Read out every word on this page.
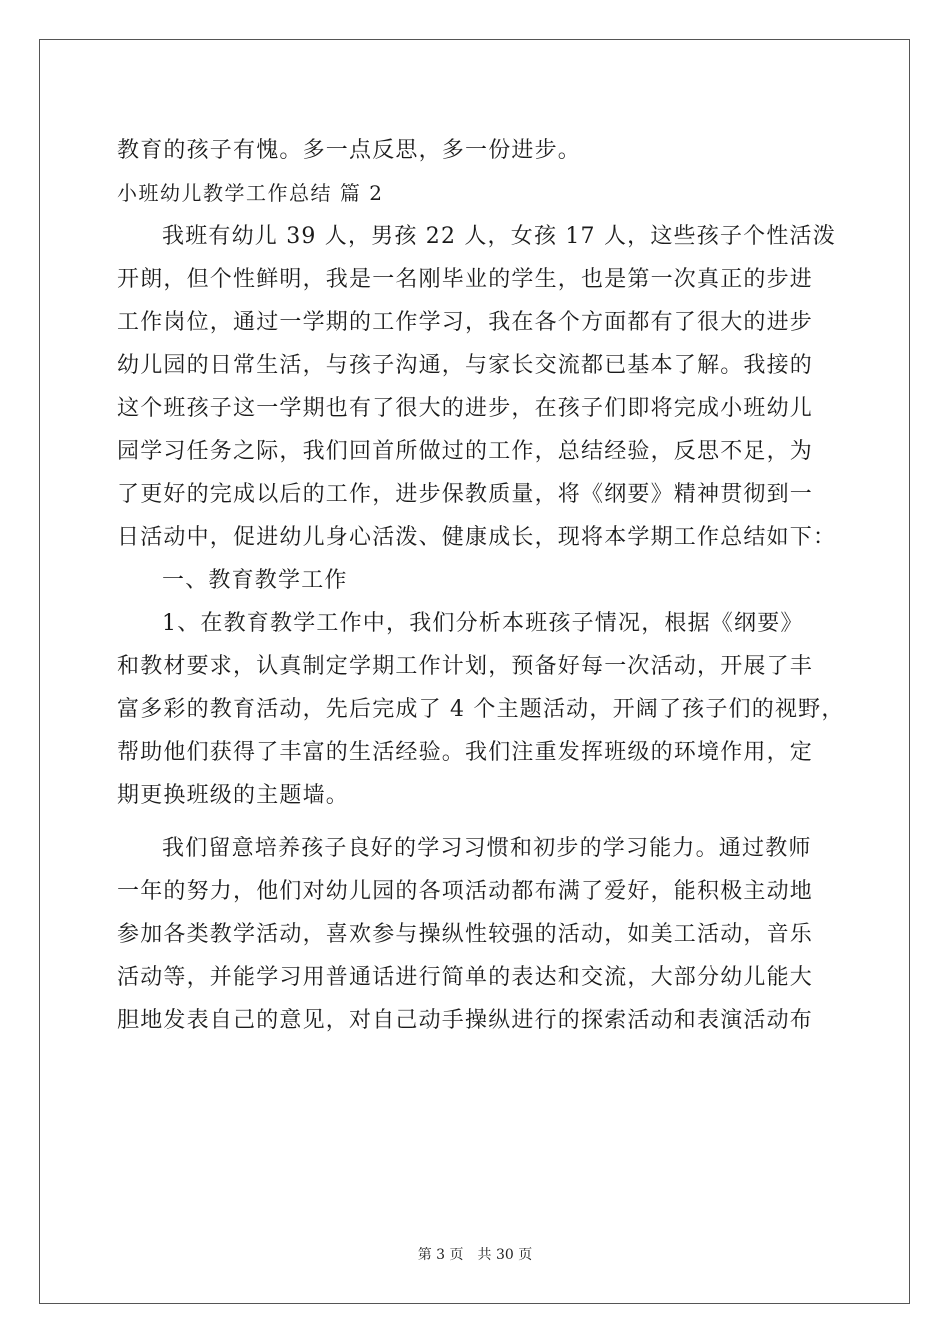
教育的孩子有愧。多一点反思，多一份进步。
小班幼儿教学工作总结 篇 2
我班有幼儿 39 人，男孩 22 人，女孩 17 人，这些孩子个性活泼
开朗，但个性鲜明，我是一名刚毕业的学生，也是第一次真正的步进
工作岗位，通过一学期的工作学习，我在各个方面都有了很大的进步
幼儿园的日常生活，与孩子沟通，与家长交流都已基本了解。我接的
这个班孩子这一学期也有了很大的进步，在孩子们即将完成小班幼儿
园学习任务之际，我们回首所做过的工作，总结经验，反思不足，为
了更好的完成以后的工作，进步保教质量，将《纲要》精神贯彻到一
日活动中，促进幼儿身心活泼、健康成长，现将本学期工作总结如下：
一、教育教学工作
1、在教育教学工作中，我们分析本班孩子情况，根据《纲要》
和教材要求，认真制定学期工作计划，预备好每一次活动，开展了丰
富多彩的教育活动，先后完成了 4 个主题活动，开阔了孩子们的视野，
帮助他们获得了丰富的生活经验。我们注重发挥班级的环境作用，定
期更换班级的主题墙。
我们留意培养孩子良好的学习习惯和初步的学习能力。通过教师
一年的努力，他们对幼儿园的各项活动都布满了爱好，能积极主动地
参加各类教学活动，喜欢参与操纵性较强的活动，如美工活动，音乐
活动等，并能学习用普通话进行简单的表达和交流，大部分幼儿能大
胆地发表自己的意见，对自己动手操纵进行的探索活动和表演活动布
第 3 页 共 30 页
